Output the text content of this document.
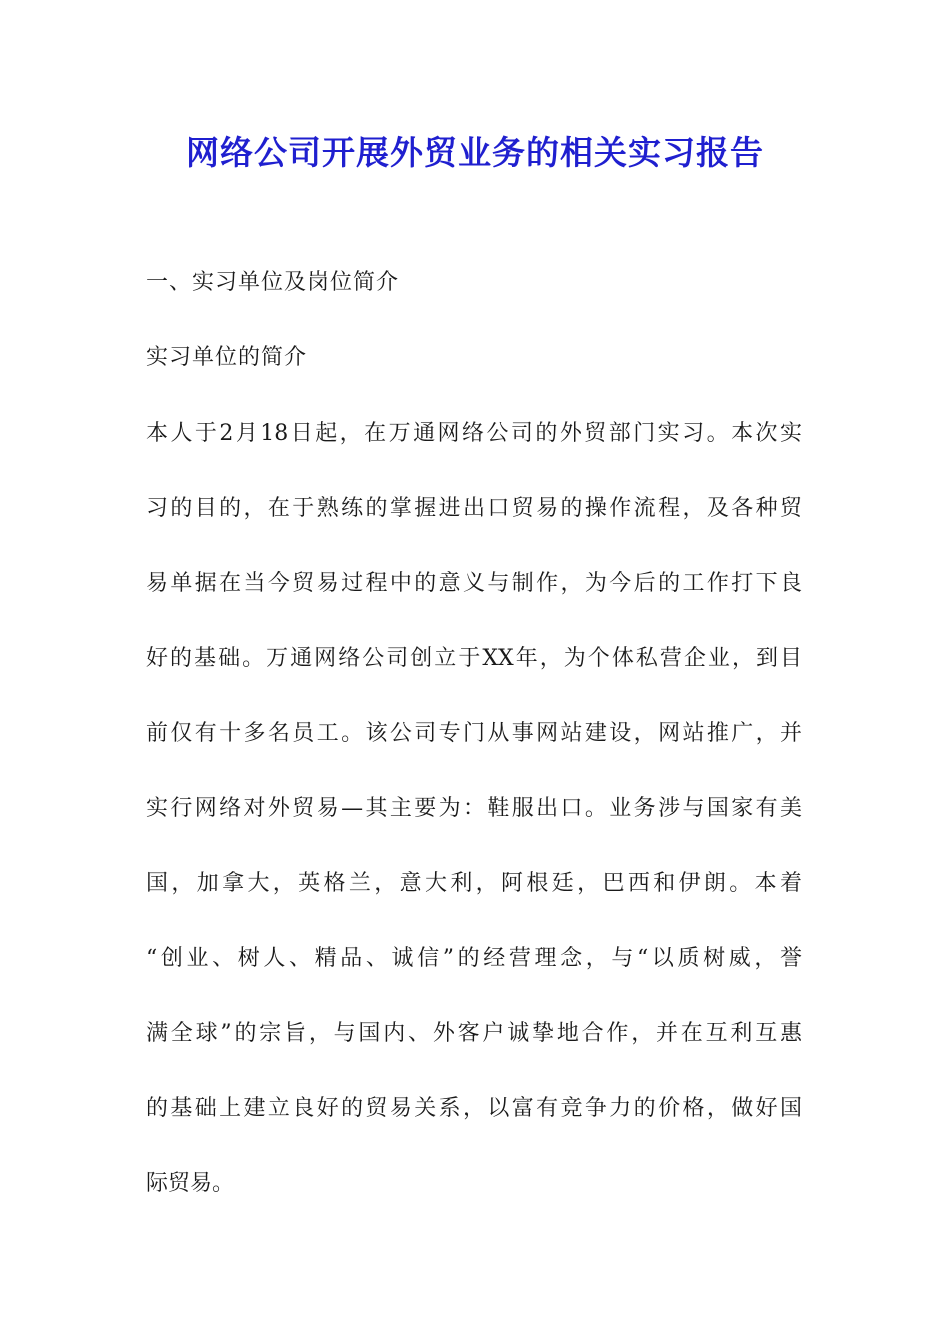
网络公司开展外贸业务的相关实习报告

一、实习单位及岗位简介

实习单位的简介

本人于2月18日起，在万通网络公司的外贸部门实习。本次实

习的目的，在于熟练的掌握进出口贸易的操作流程，及各种贸

易单据在当今贸易过程中的意义与制作，为今后的工作打下良

好的基础。万通网络公司创立于XX年，为个体私营企业，到目

前仅有十多名员工。该公司专门从事网站建设，网站推广，并

实行网络对外贸易—其主要为：鞋服出口。业务涉与国家有美

国，加拿大，英格兰，意大利，阿根廷，巴西和伊朗。本着

“创业、树人、精品、诚信”的经营理念，与“以质树威，誉

满全球”的宗旨，与国内、外客户诚挚地合作，并在互利互惠

的基础上建立良好的贸易关系，以富有竞争力的价格，做好国

际贸易。
